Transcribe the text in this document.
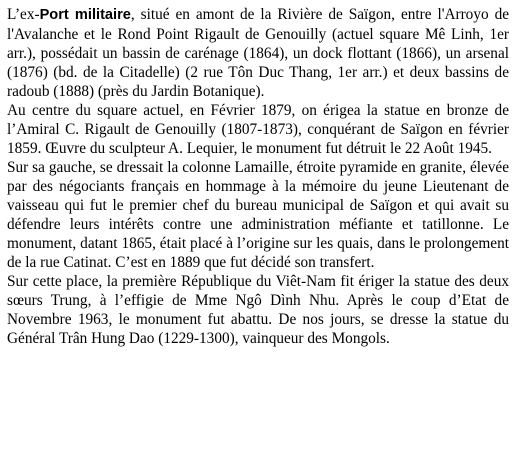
L’ex-Port militaire, situé en amont de la Rivière de Saïgon, entre l'Arroyo de l'Avalanche et le Rond Point Rigault de Genouilly (actuel square Mê Linh, 1er arr.), possédait un bassin de carénage (1864), un dock flottant (1866), un arsenal (1876) (bd. de la Citadelle) (2 rue Tôn Duc Thang, 1er arr.) et deux bassins de radoub (1888) (près du Jardin Botanique).

Au centre du square actuel, en Février 1879, on érigea la statue en bronze de l’Amiral C. Rigault de Genouilly (1807-1873), conquérant de Saïgon en février 1859. Œuvre du sculpteur A. Lequier, le monument fut détruit le 22 Août 1945.

Sur sa gauche, se dressait la colonne Lamaille, étroite pyramide en granite, élevée par des négociants français en hommage à la mémoire du jeune Lieutenant de vaisseau qui fut le premier chef du bureau municipal de Saïgon et qui avait su défendre leurs intérêts contre une administration méfiante et tatillonne. Le monument, datant 1865, était placé à l’origine sur les quais, dans le prolongement de la rue Catinat. C’est en 1889 que fut décidé son transfert.

Sur cette place, la première République du Viêt-Nam fit ériger la statue des deux sœurs Trung, à l’effigie de Mme Ngô Dình Nhu. Après le coup d’Etat de Novembre 1963, le monument fut abattu. De nos jours, se dresse la statue du Général Trân Hung Dao (1229-1300), vainqueur des Mongols.
